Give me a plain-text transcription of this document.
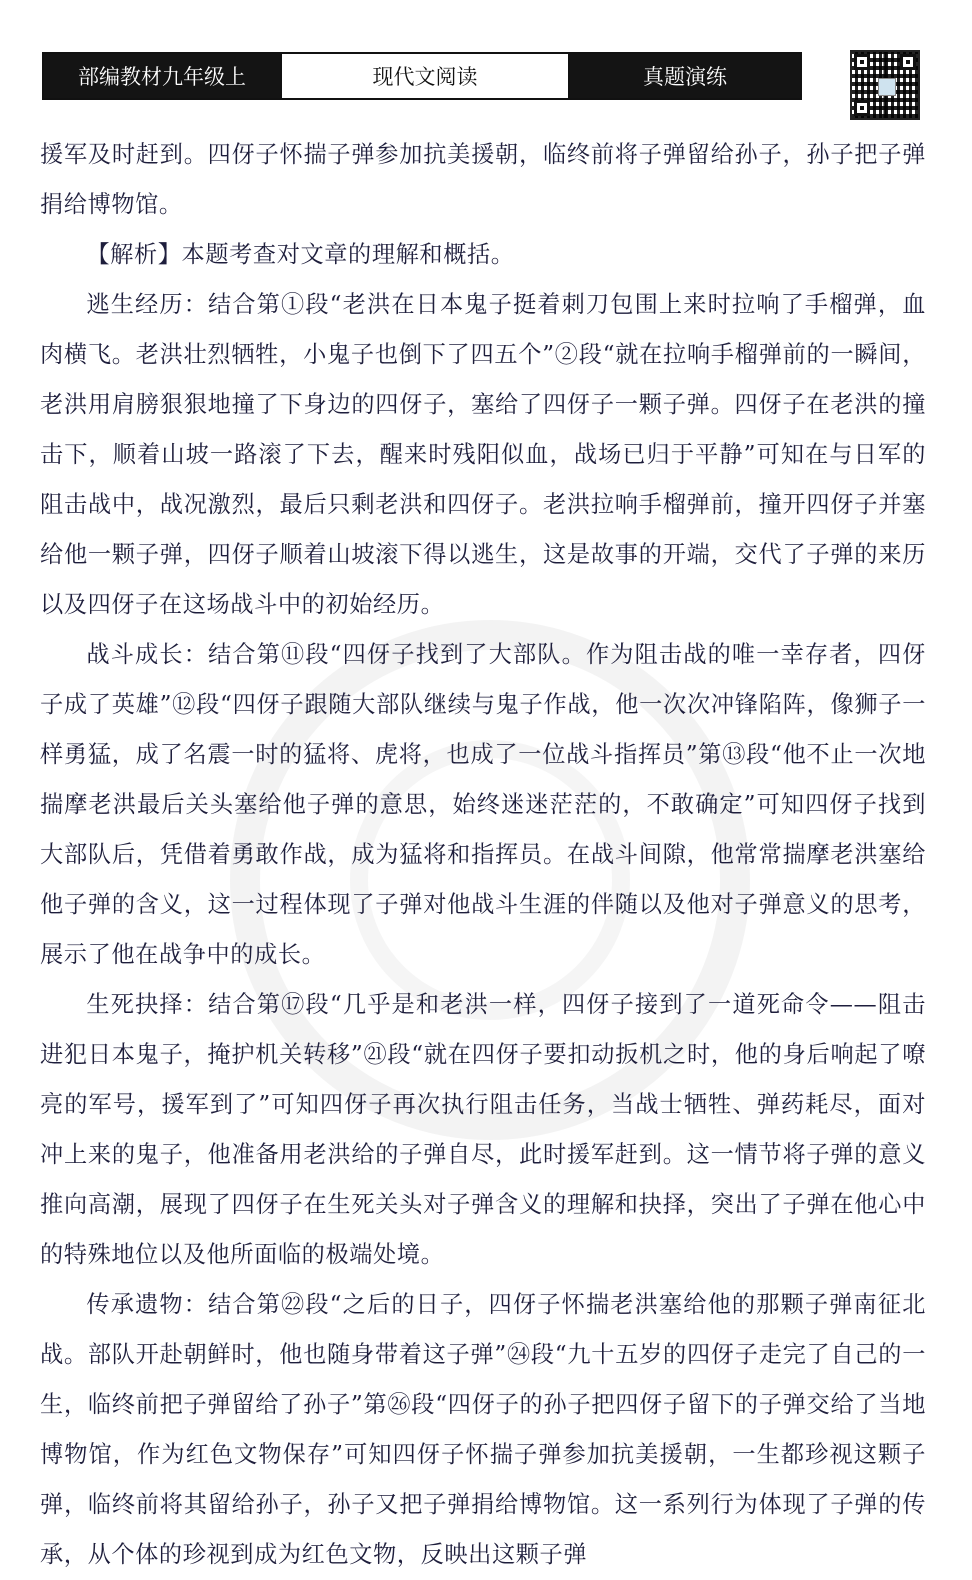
部编教材九年级上	现代文阅读	真题演练

援军及时赶到。四伢子怀揣子弹参加抗美援朝，临终前将子弹留给孙子，孙子把子弹捐给博物馆。

【解析】本题考查对文章的理解和概括。

逃生经历：结合第①段“老洪在日本鬼子挺着刺刀包围上来时拉响了手榴弹，血肉横飞。老洪壮烈牺牲，小鬼子也倒下了四五个”②段“就在拉响手榴弹前的一瞬间，老洪用肩膀狠狠地撞了下身边的四伢子，塞给了四伢子一颗子弹。四伢子在老洪的撞击下，顺着山坡一路滚了下去，醒来时残阳似血，战场已归于平静”可知在与日军的阻击战中，战况激烈，最后只剩老洪和四伢子。老洪拉响手榴弹前，撞开四伢子并塞给他一颗子弹，四伢子顺着山坡滚下得以逃生，这是故事的开端，交代了子弹的来历以及四伢子在这场战斗中的初始经历。

战斗成长：结合第⑪段“四伢子找到了大部队。作为阻击战的唯一幸存者，四伢子成了英雄”⑫段“四伢子跟随大部队继续与鬼子作战，他一次次冲锋陷阵，像狮子一样勇猛，成了名震一时的猛将、虎将，也成了一位战斗指挥员”第⑬段“他不止一次地揣摩老洪最后关头塞给他子弹的意思，始终迷迷茫茫的，不敢确定”可知四伢子找到大部队后，凭借着勇敢作战，成为猛将和指挥员。在战斗间隙，他常常揣摩老洪塞给他子弹的含义，这一过程体现了子弹对他战斗生涯的伴随以及他对子弹意义的思考，展示了他在战争中的成长。

生死抉择：结合第⑰段“几乎是和老洪一样，四伢子接到了一道死命令——阻击进犯日本鬼子，掩护机关转移”㉑段“就在四伢子要扣动扳机之时，他的身后响起了嘹亮的军号，援军到了”可知四伢子再次执行阻击任务，当战士牺牲、弹药耗尽，面对冲上来的鬼子，他准备用老洪给的子弹自尽，此时援军赶到。这一情节将子弹的意义推向高潮，展现了四伢子在生死关头对子弹含义的理解和抉择，突出了子弹在他心中的特殊地位以及他所面临的极端处境。

传承遗物：结合第㉒段“之后的日子，四伢子怀揣老洪塞给他的那颗子弹南征北战。部队开赴朝鲜时，他也随身带着这子弹”㉔段“九十五岁的四伢子走完了自己的一生，临终前把子弹留给了孙子”第㉖段“四伢子的孙子把四伢子留下的子弹交给了当地博物馆，作为红色文物保存”可知四伢子怀揣子弹参加抗美援朝，一生都珍视这颗子弹，临终前将其留给孙子，孙子又把子弹捐给博物馆。这一系列行为体现了子弹的传承，从个体的珍视到成为红色文物，反映出这颗子弹
